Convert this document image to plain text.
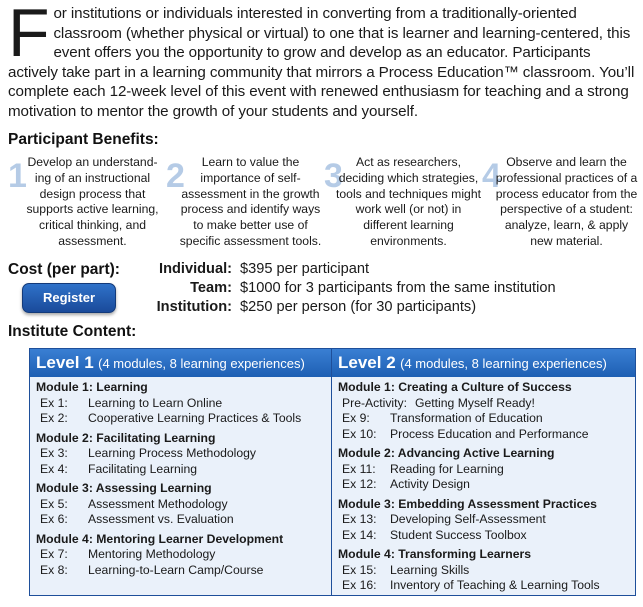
For institutions or individuals interested in converting from a traditionally-oriented classroom (whether physical or virtual) to one that is learner and learning-centered, this event offers you the opportunity to grow and develop as an educator. Participants actively take part in a learning community that mirrors a Process Education™ classroom. You’ll complete each 12-week level of this event with renewed enthusiasm for teaching and a strong motivation to mentor the growth of your students and yourself.
Participant Benefits:
1 Develop an understand-ing of an instructional design process that supports active learning, critical thinking, and assessment.
2	Learn to value the importance of self-assessment in the growth process and identify ways to make better use of specific assessment tools.
3	Act as researchers, deciding which strategies, tools and techniques might work well (or not) in different learning environments.
4 Observe and learn the professional practices of a process educator from the perspective of a student: analyze, learn, & apply new material.
Cost (per part):	Individual: $395 per participant
Team: $1000 for 3 participants from the same institution
Institution: $250 per person (for 30 participants)
Register
Institute Content:
Level 1 (4 modules, 8 learning experiences)
Module 1: Learning
Ex 1:	Learning to Learn Online
Ex 2:	Cooperative Learning Practices & Tools
Module 2: Facilitating Learning
Ex 3:	Learning Process Methodology
Ex 4:	Facilitating Learning
Module 3: Assessing Learning
Ex 5:	Assessment Methodology
Ex 6:	Assessment vs. Evaluation
Module 4: Mentoring Learner Development
Ex 7:	Mentoring Methodology
Ex 8:	Learning-to-Learn Camp/Course
Level 2 (4 modules, 8 learning experiences)
Module 1: Creating a Culture of Success
Pre-Activity: Getting Myself Ready!
Ex 9:	Transformation of Education
Ex 10:	Process Education and Performance
Module 2: Advancing Active Learning
Ex 11:	Reading for Learning
Ex 12:	Activity Design
Module 3: Embedding Assessment Practices
Ex 13:	Developing Self-Assessment
Ex 14:	Student Success Toolbox
Module 4: Transforming Learners
Ex 15:	Learning Skills
Ex 16:	Inventory of Teaching & Learning Tools
